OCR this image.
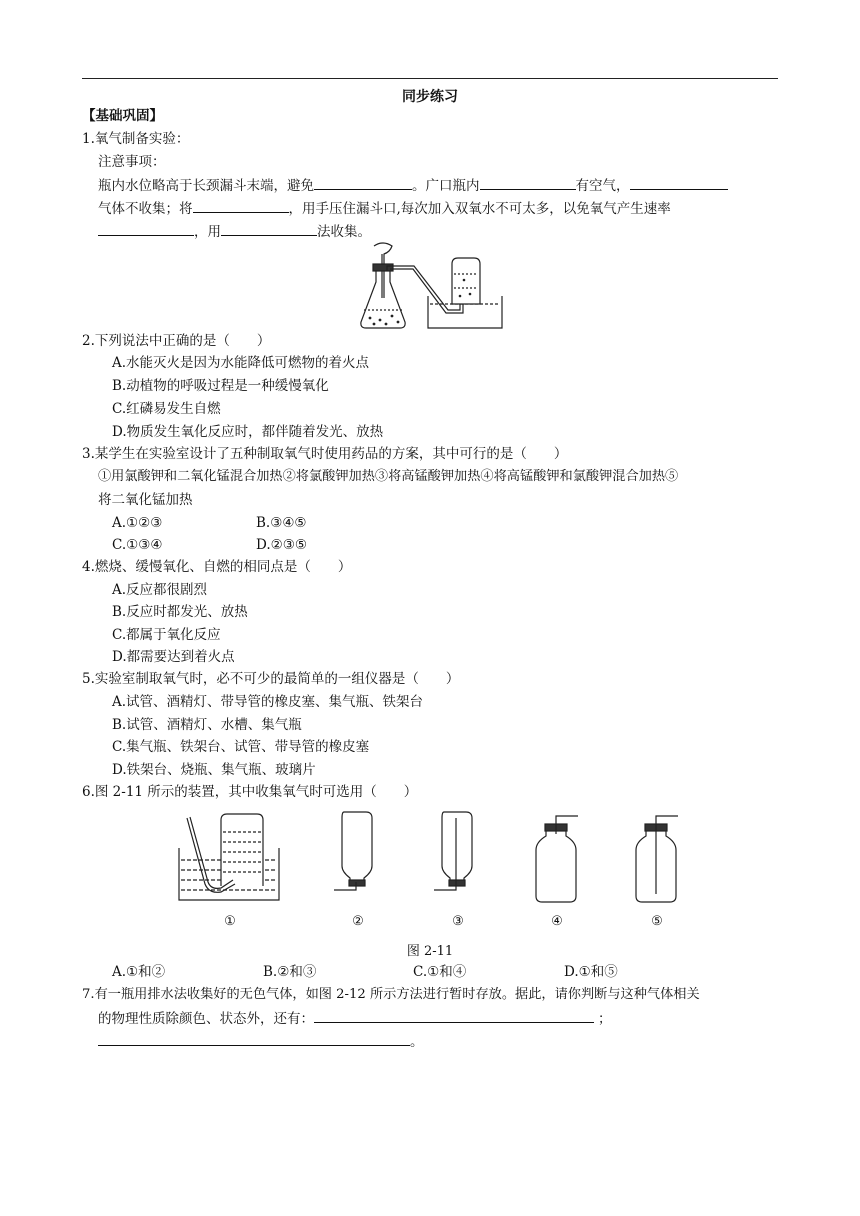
同步练习
【基础巩固】
1.氧气制备实验：
注意事项：
瓶内水位略高于长颈漏斗末端，避免	。广口瓶内	有空气，
气体不收集；将	，用手压住漏斗口,每次加入双氧水不可太多，以免氧气产生速率
，用	法收集。
2.下列说法中正确的是（　　）
A.水能灭火是因为水能降低可燃物的着火点
B.动植物的呼吸过程是一种缓慢氧化
C.红磷易发生自燃
D.物质发生氧化反应时，都伴随着发光、放热
3.某学生在实验室设计了五种制取氧气时使用药品的方案，其中可行的是（　　）
①用氯酸钾和二氧化锰混合加热②将氯酸钾加热③将高锰酸钾加热④将高锰酸钾和氯酸钾混合加热⑤
将二氧化锰加热
A.①②③	B.③④⑤
C.①③④	D.②③⑤
4.燃烧、缓慢氧化、自燃的相同点是（　　）
A.反应都很剧烈
B.反应时都发光、放热
C.都属于氧化反应
D.都需要达到着火点
5.实验室制取氧气时，必不可少的最简单的一组仪器是（　　）
A.试管、酒精灯、带导管的橡皮塞、集气瓶、铁架台
B.试管、酒精灯、水槽、集气瓶
C.集气瓶、铁架台、试管、带导管的橡皮塞
D.铁架台、烧瓶、集气瓶、玻璃片
6.图 2-11 所示的装置，其中收集氧气时可选用（　　）
①	②	③	④	⑤
图 2-11
A.①和②	B.②和③	C.①和④	D.①和⑤
7.有一瓶用排水法收集好的无色气体，如图 2-12 所示方法进行暂时存放。据此，请你判断与这种气体相关
的物理性质除颜色、状态外，还有：	；
。
